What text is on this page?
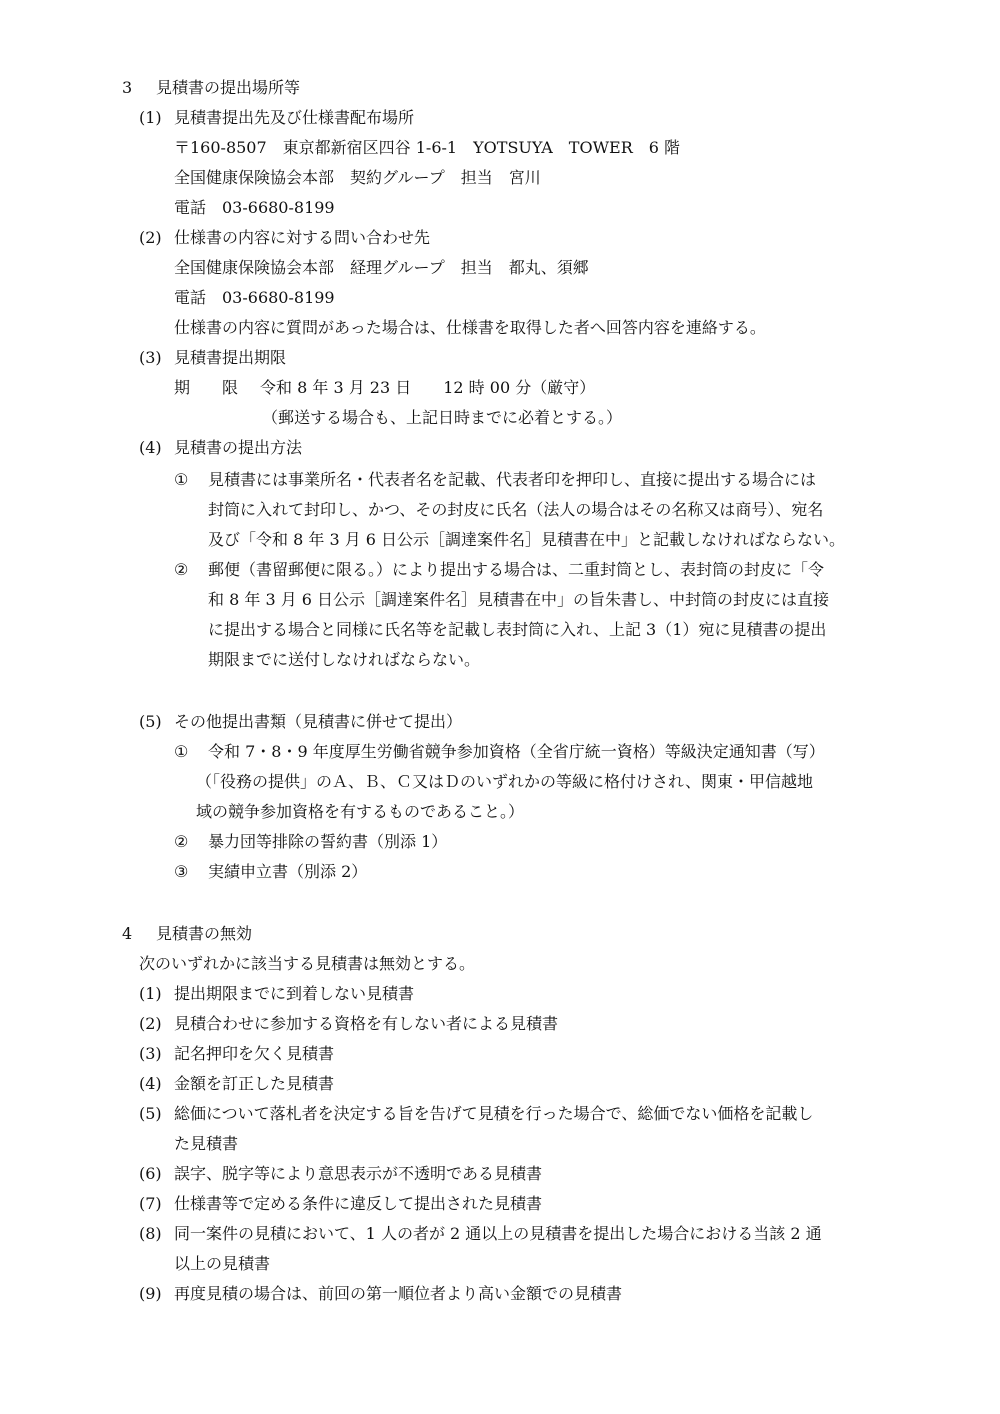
3 見積書の提出場所等
(1) 見積書提出先及び仕様書配布場所
〒160-8507　東京都新宿区四谷 1-6-1　YOTSUYA　TOWER　6 階
全国健康保険協会本部　契約グループ　担当　宮川
電話　03-6680-8199
(2) 仕様書の内容に対する問い合わせ先
全国健康保険協会本部　経理グループ　担当　都丸、須郷
電話　03-6680-8199
仕様書の内容に質問があった場合は、仕様書を取得した者へ回答内容を連絡する。
(3) 見積書提出期限
期　　限 令和 8 年 3 月 23 日　　12 時 00 分（厳守）
（郵送する場合も、上記日時までに必着とする。）
(4) 見積書の提出方法
① 見積書には事業所名・代表者名を記載、代表者印を押印し、直接に提出する場合には
封筒に入れて封印し、かつ、その封皮に氏名（法人の場合はその名称又は商号）、宛名
及び「令和 8 年 3 月 6 日公示［調達案件名］見積書在中」と記載しなければならない。
② 郵便（書留郵便に限る。）により提出する場合は、二重封筒とし、表封筒の封皮に「令
和 8 年 3 月 6 日公示［調達案件名］見積書在中」の旨朱書し、中封筒の封皮には直接
に提出する場合と同様に氏名等を記載し表封筒に入れ、上記 3（1）宛に見積書の提出
期限までに送付しなければならない。
(5) その他提出書類（見積書に併せて提出）
① 令和 7・8・9 年度厚生労働省競争参加資格（全省庁統一資格）等級決定通知書（写）
（「役務の提供」のＡ、Ｂ、Ｃ又はＤのいずれかの等級に格付けされ、関東・甲信越地
域の競争参加資格を有するものであること。）
② 暴力団等排除の誓約書（別添 1）
③ 実績申立書（別添 2）
4 見積書の無効
次のいずれかに該当する見積書は無効とする。
(1) 提出期限までに到着しない見積書
(2) 見積合わせに参加する資格を有しない者による見積書
(3) 記名押印を欠く見積書
(4) 金額を訂正した見積書
(5) 総価について落札者を決定する旨を告げて見積を行った場合で、総価でない価格を記載し
た見積書
(6) 誤字、脱字等により意思表示が不透明である見積書
(7) 仕様書等で定める条件に違反して提出された見積書
(8) 同一案件の見積において、1 人の者が 2 通以上の見積書を提出した場合における当該 2 通
以上の見積書
(9) 再度見積の場合は、前回の第一順位者より高い金額での見積書
